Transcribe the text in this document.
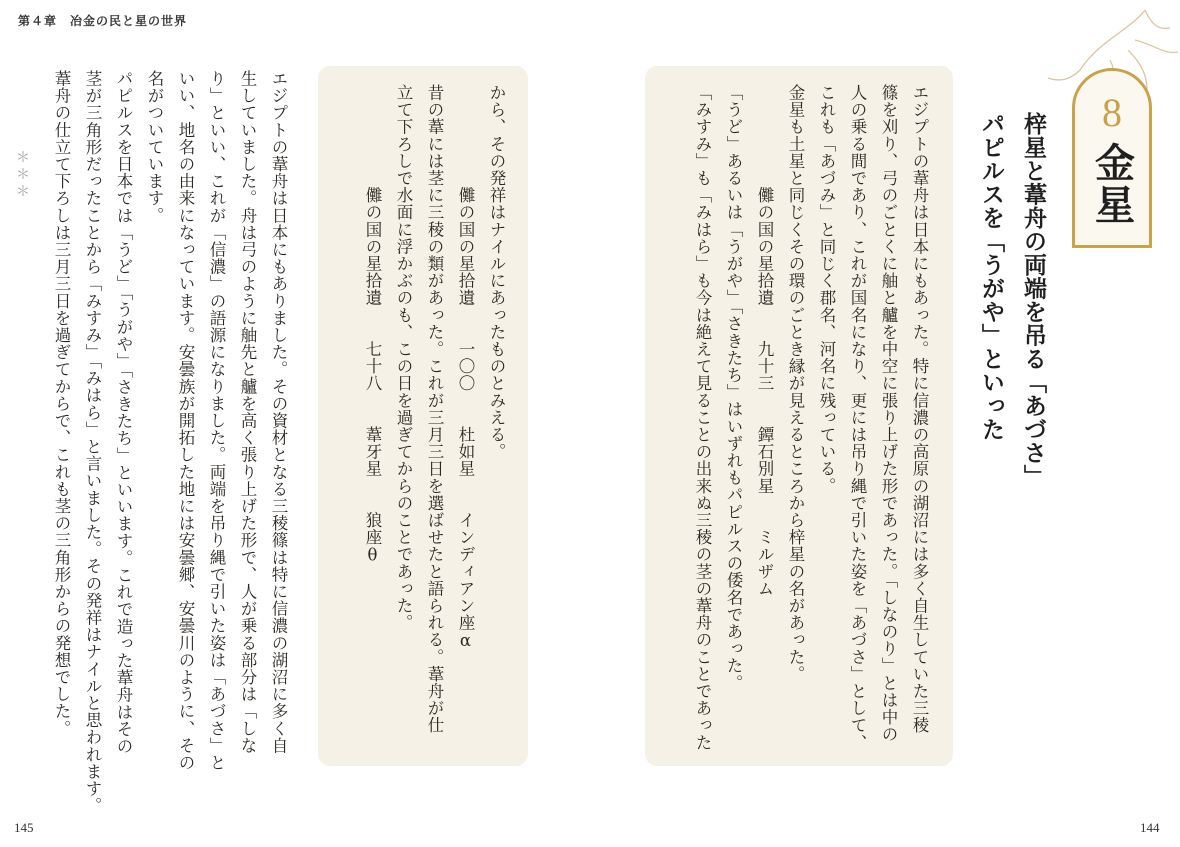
第４章　冶金の民と星の世界
8
金星
梓星と葦舟の両端を吊る「あづさ」
パピルスを「うがや」といった
エジプトの葦舟は日本にもあった。特に信濃の高原の湖沼には多く自生していた三稜
篠を刈り、弓のごとくに舳と艫を中空に張り上げた形であった。「しなのり」とは中の
人の乗る間であり、これが国名になり、更には吊り縄で引いた姿を「あづさ」として、
これも「あづみ」と同じく郡名、河名に残っている。
金星も土星と同じくその環のごとき縁が見えるところから梓星の名があった。
　　　　　　儺の国の星拾遺　　九十三　　鐔石別星　　ミルザム
「うど」あるいは「うがや」「さきたち」はいずれもパピルスの倭名であった。
「みすみ」も「みはら」も今は絶えて見ることの出来ぬ三稜の茎の葦舟のことであった
144
から、その発祥はナイルにあったものとみえる。
　　　　　　儺の国の星拾遺　　一〇〇　　杜如星　　インディアン座α
昔の葦には茎に三稜の類があった。これが三月三日を選ばせたと語られる。葦舟が仕
立て下ろしで水面に浮かぶのも、この日を過ぎてからのことであった。
　　　　　　儺の国の星拾遺　　七十八　　葦牙星　　狼座θ
エジプトの葦舟は日本にもありました。その資材となる三稜篠は特に信濃の湖沼に多く自
生していました。舟は弓のように舳先と艫を高く張り上げた形で、人が乗る部分は「しな
り」といい、これが「信濃」の語源になりました。両端を吊り縄で引いた姿は「あづさ」と
いい、地名の由来になっています。安曇族が開拓した地には安曇郷、安曇川のように、その
名がついています。
パピルスを日本では「うど」「うがや」「さきたち」といいます。これで造った葦舟はその
茎が三角形だったことから「みすみ」「みはら」と言いました。その発祥はナイルと思われます。
葦舟の仕立て下ろしは三月三日を過ぎてからで、これも茎の三角形からの発想でした。
＊＊＊
145
